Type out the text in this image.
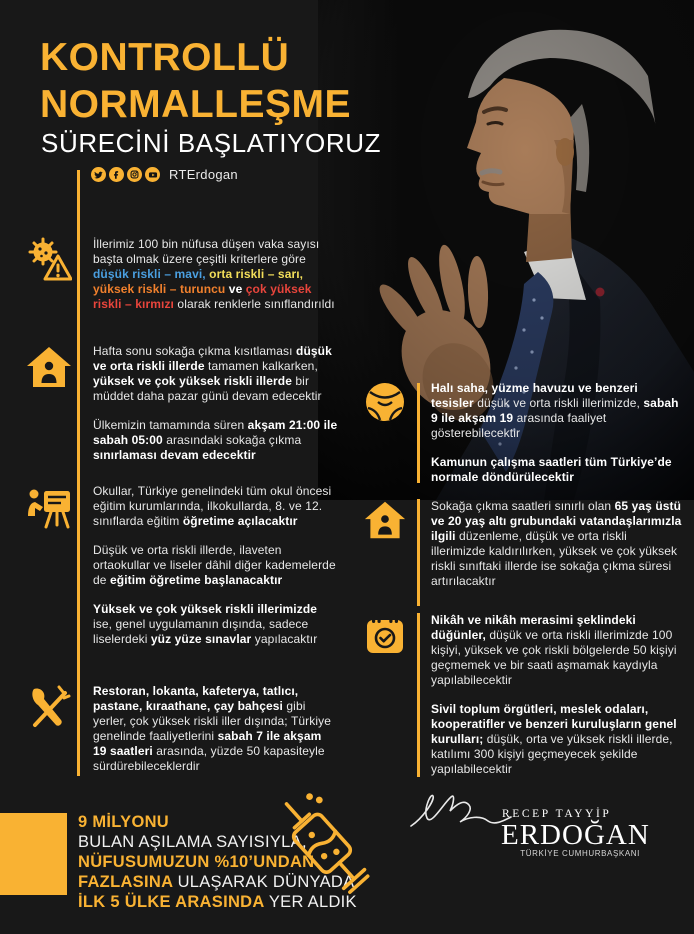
KONTROLLÜ
NORMALLEŞME
SÜRECİNİ BAŞLATIYORUZ
RTErdogan

İllerimiz 100 bin nüfusa düşen vaka sayısı başta olmak üzere çeşitli kriterlere göre düşük riskli – mavi, orta riskli – sarı, yüksek riskli – turuncu ve çok yüksek riskli – kırmızı olarak renklerle sınıflandırıldı

Hafta sonu sokağa çıkma kısıtlaması düşük ve orta riskli illerde tamamen kalkarken, yüksek ve çok yüksek riskli illerde bir müddet daha pazar günü devam edecektir

Ülkemizin tamamında süren akşam 21:00 ile sabah 05:00 arasındaki sokağa çıkma sınırlaması devam edecektir

Okullar, Türkiye genelindeki tüm okul öncesi eğitim kurumlarında, ilkokullarda, 8. ve 12. sınıflarda eğitim öğretime açılacaktır

Düşük ve orta riskli illerde, ilaveten ortaokullar ve liseler dâhil diğer kademelerde de eğitim öğretime başlanacaktır

Yüksek ve çok yüksek riskli illerimizde ise, genel uygulamanın dışında, sadece liselerdeki yüz yüze sınavlar yapılacaktır

Restoran, lokanta, kafeterya, tatlıcı, pastane, kıraathane, çay bahçesi gibi yerler, çok yüksek riskli iller dışında; Türkiye genelinde faaliyetlerini sabah 7 ile akşam 19 saatleri arasında, yüzde 50 kapasiteyle sürdürebileceklerdir

Halı saha, yüzme havuzu ve benzeri tesisler düşük ve orta riskli illerimizde, sabah 9 ile akşam 19 arasında faaliyet gösterebilecektir

Kamunun çalışma saatleri tüm Türkiye’de normale döndürülecektir

Sokağa çıkma saatleri sınırlı olan 65 yaş üstü ve 20 yaş altı grubundaki vatandaşlarımızla ilgili düzenleme, düşük ve orta riskli illerimizde kaldırılırken, yüksek ve çok yüksek riskli sınıftaki illerde ise sokağa çıkma süresi artırılacaktır

Nikâh ve nikâh merasimi şeklindeki düğünler, düşük ve orta riskli illerimizde 100 kişiyi, yüksek ve çok riskli bölgelerde 50 kişiyi geçmemek ve bir saati aşmamak kaydıyla yapılabilecektir

Sivil toplum örgütleri, meslek odaları, kooperatifler ve benzeri kuruluşların genel kurulları; düşük, orta ve yüksek riskli illerde, katılımı 300 kişiyi geçmeyecek şekilde yapılabilecektir

9 MİLYONU
BULAN AŞILAMA SAYISIYLA,
NÜFUSUMUZUN %10’UNDAN
FAZLASINA ULAŞARAK DÜNYADA
İLK 5 ÜLKE ARASINDA YER ALDIK
RECEP TAYYİP
ERDOĞAN
TÜRKİYE CUMHURBAŞKANI
